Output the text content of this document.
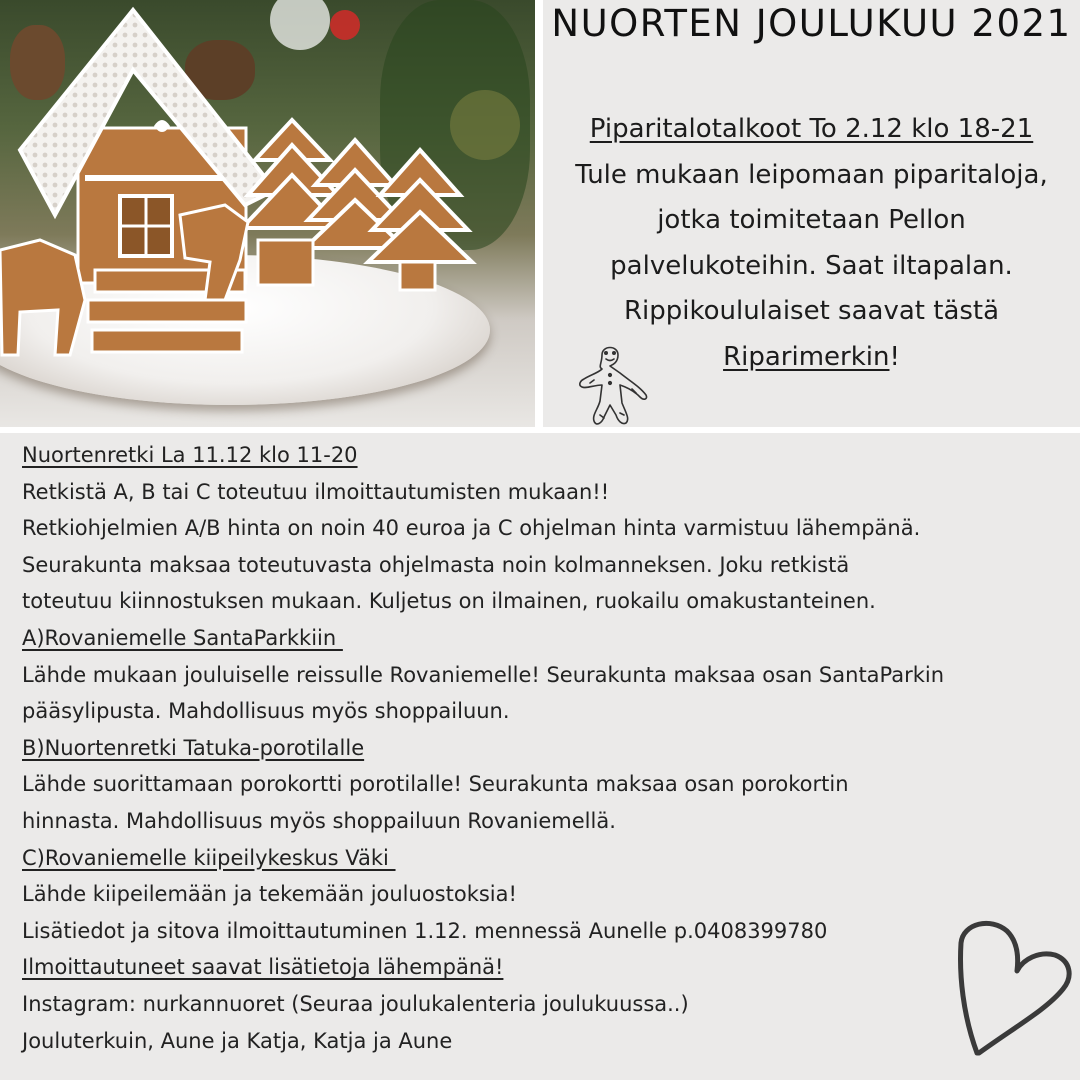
NUORTEN JOULUKUU 2021
Piparitalotalkoot To 2.12 klo 18-21
Tule mukaan leipomaan piparitaloja,
jotka toimitetaan Pellon
palvelukoteihin. Saat iltapalan.
Rippikoululaiset saavat tästä
Riparimerkin!
Nuortenretki La 11.12 klo 11-20
Retkistä A, B tai C toteutuu ilmoittautumisten mukaan!!
Retkiohjelmien A/B hinta on noin 40 euroa ja C ohjelman hinta varmistuu lähempänä.
Seurakunta maksaa toteutuvasta ohjelmasta noin kolmanneksen. Joku retkistä
toteutuu kiinnostuksen mukaan. Kuljetus on ilmainen, ruokailu omakustanteinen.
A)Rovaniemelle SantaParkkiin
Lähde mukaan jouluiselle reissulle Rovaniemelle! Seurakunta maksaa osan SantaParkin
pääsylipusta. Mahdollisuus myös shoppailuun.
B)Nuortenretki Tatuka-porotilalle
Lähde suorittamaan porokortti porotilalle! Seurakunta maksaa osan porokortin
hinnasta. Mahdollisuus myös shoppailuun Rovaniemellä.
C)Rovaniemelle kiipeilykeskus Väki
Lähde kiipeilemään ja tekemään jouluostoksia!
Lisätiedot ja sitova ilmoittautuminen 1.12. mennessä Aunelle p.0408399780
Ilmoittautuneet saavat lisätietoja lähempänä!
Instagram: nurkannuoret (Seuraa joulukalenteria joulukuussa..)
Jouluterkuin, Aune ja Katja, Katja ja Aune
